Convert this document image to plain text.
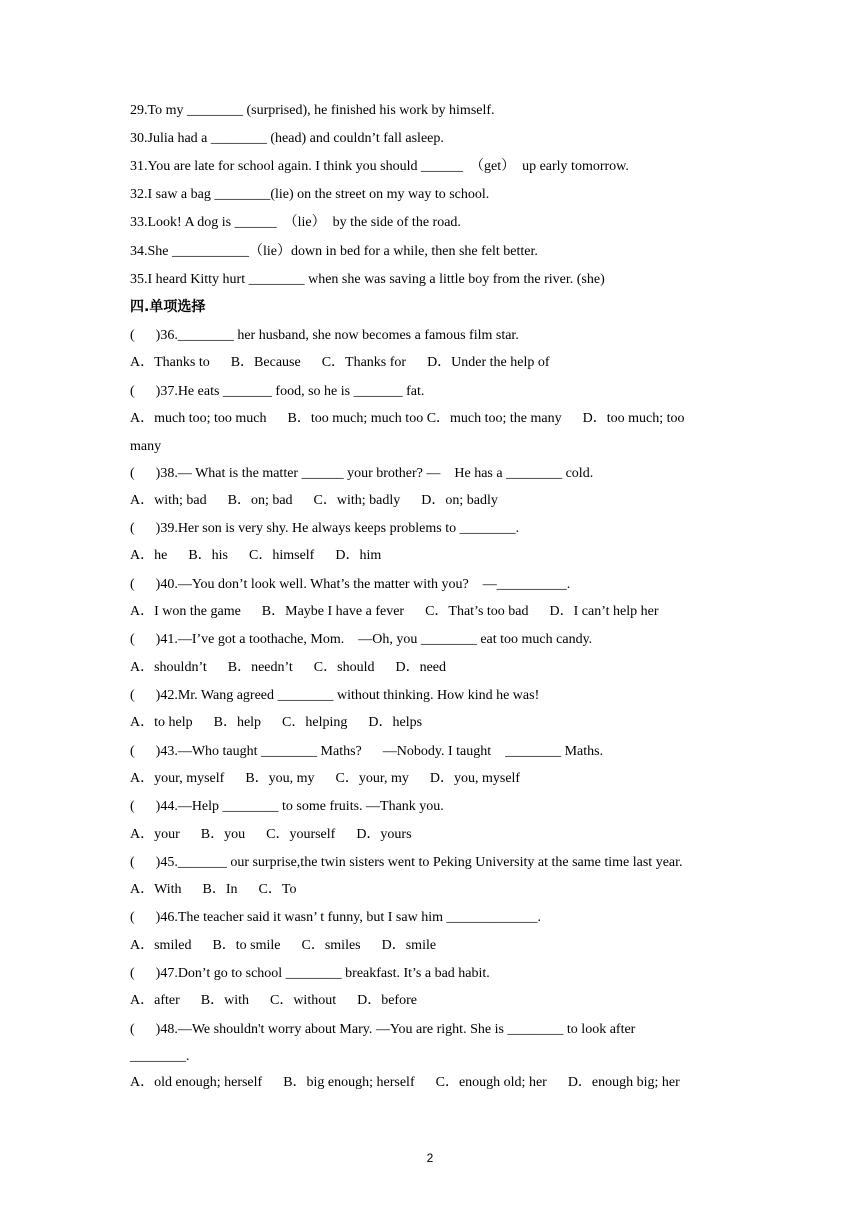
29.To my ________ (surprised), he finished his work by himself.
30.Julia had a ________ (head) and couldn’t fall asleep.
31.You are late for school again. I think you should ______  （get）  up early tomorrow.
32.I saw a bag ________(lie) on the street on my way to school.
33.Look! A dog is ______  （lie）  by the side of the road.
34.She ___________（lie）down in bed for a while, then she felt better.
35.I heard Kitty hurt ________ when she was saving a little boy from the river. (she)
四.单项选择
(      )36.________ her husband, she now becomes a famous film star.
A．Thanks to      B．Because      C．Thanks for      D．Under the help of
(      )37.He eats _______ food, so he is _______ fat.
A．much too; too much      B．too much; much too C．much too; the many      D．too much; too
many
(      )38.— What is the matter ______ your brother? —    He has a ________ cold.
A．with; bad      B．on; bad      C．with; badly      D．on; badly
(      )39.Her son is very shy. He always keeps problems to ________.
A．he      B．his      C．himself      D．him
(      )40.—You don’t look well. What’s the matter with you?    —__________.
A．I won the game      B．Maybe I have a fever      C．That’s too bad      D．I can’t help her
(      )41.—I’ve got a toothache, Mom.    —Oh, you ________ eat too much candy.
A．shouldn’t      B．needn’t      C．should      D．need
(      )42.Mr. Wang agreed ________ without thinking. How kind he was!
A．to help      B．help      C．helping      D．helps
(      )43.—Who taught ________ Maths?      —Nobody. I taught    ________ Maths.
A．your, myself      B．you, my      C．your, my      D．you, myself
(      )44.—Help ________ to some fruits. —Thank you.
A．your      B．you      C．yourself      D．yours
(      )45._______ our surprise,the twin sisters went to Peking University at the same time last year.
A．With      B．In      C．To
(      )46.The teacher said it wasn’ t funny, but I saw him _____________.
A．smiled      B．to smile      C．smiles      D．smile
(      )47.Don’t go to school ________ breakfast. It’s a bad habit.
A．after      B．with      C．without      D．before
(      )48.—We shouldn't worry about Mary. —You are right. She is ________ to look after
________.
A．old enough; herself      B．big enough; herself      C．enough old; her      D．enough big; her
2
